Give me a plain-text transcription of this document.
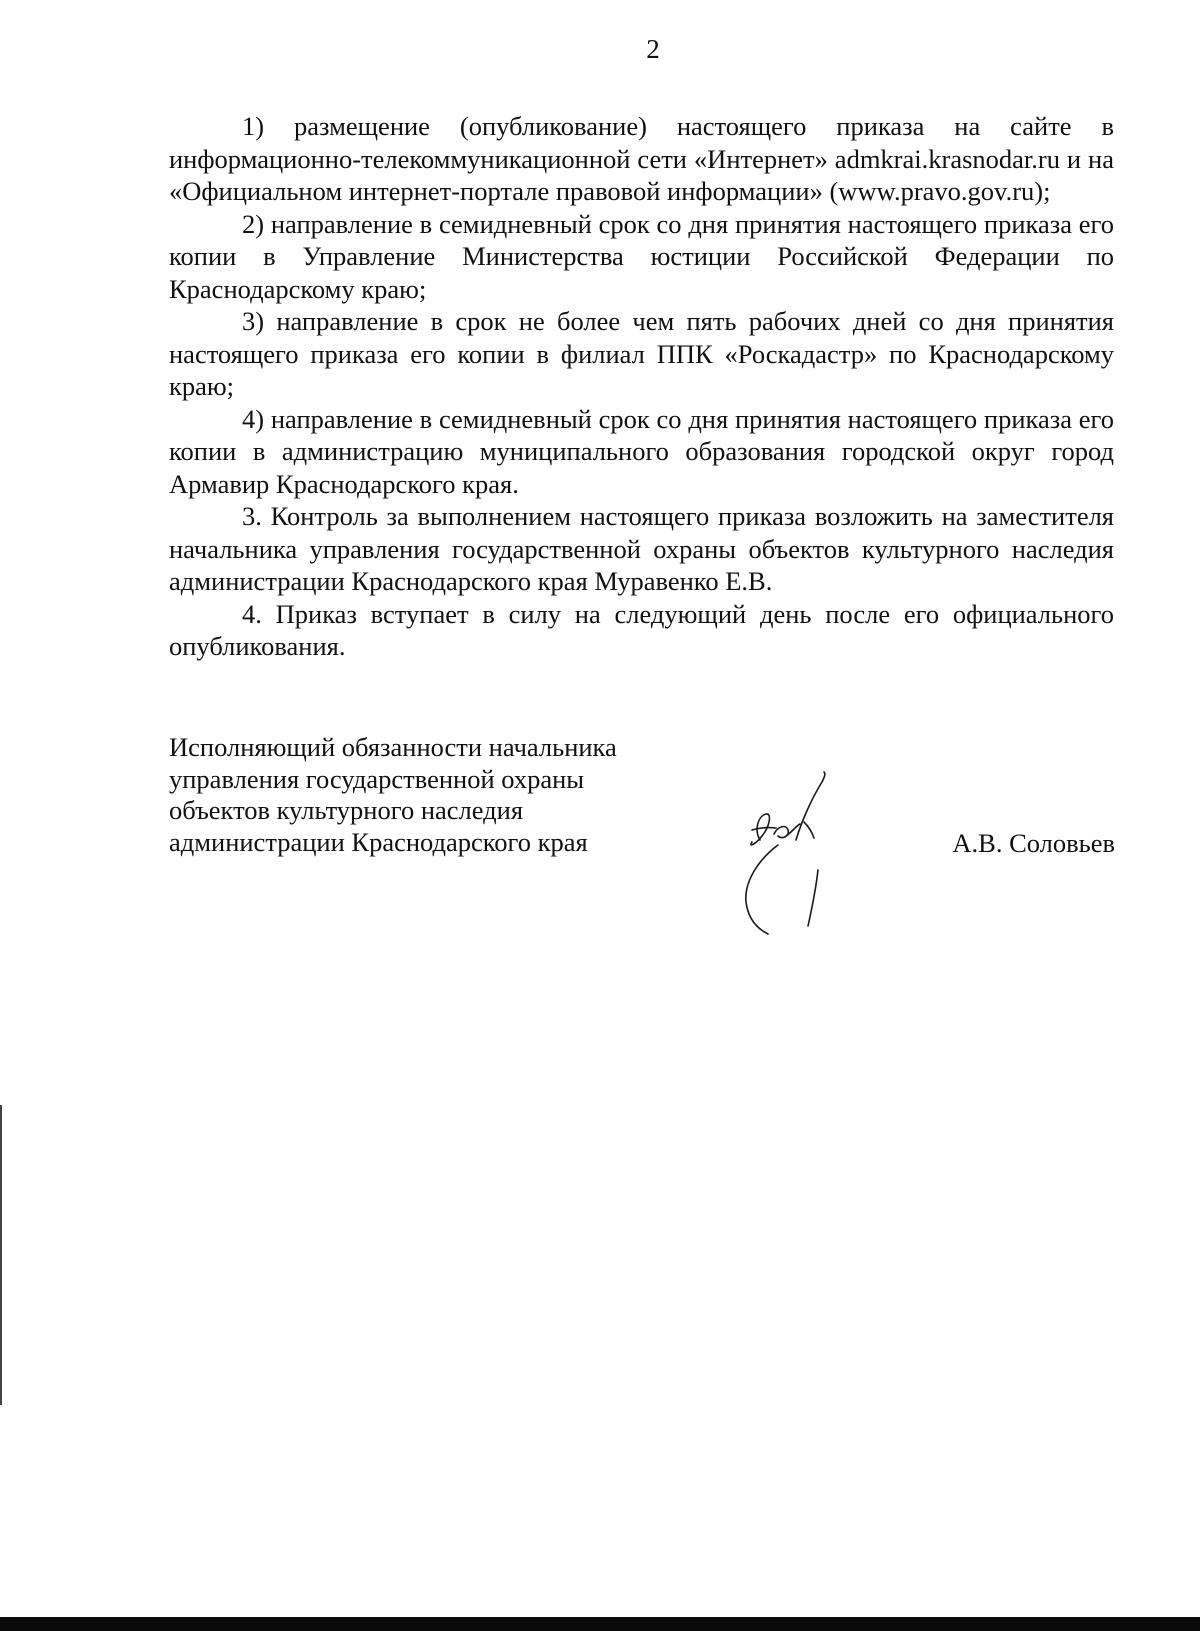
2

1) размещение (опубликование) настоящего приказа на сайте в информационно-телекоммуникационной сети «Интернет» admkrai.krasnodar.ru и на «Официальном интернет-портале правовой информации» (www.pravo.gov.ru);

2) направление в семидневный срок со дня принятия настоящего приказа его копии в Управление Министерства юстиции Российской Федерации по Краснодарскому краю;

3) направление в срок не более чем пять рабочих дней со дня принятия настоящего приказа его копии в филиал ППК «Роскадастр» по Краснодарскому краю;

4) направление в семидневный срок со дня принятия настоящего приказа его копии в администрацию муниципального образования городской округ город Армавир Краснодарского края.

3. Контроль за выполнением настоящего приказа возложить на заместителя начальника управления государственной охраны объектов культурного наследия администрации Краснодарского края Муравенко Е.В.

4. Приказ вступает в силу на следующий день после его официального опубликования.

Исполняющий обязанности начальника
управления государственной охраны
объектов культурного наследия
администрации Краснодарского края	А.В. Соловьев
